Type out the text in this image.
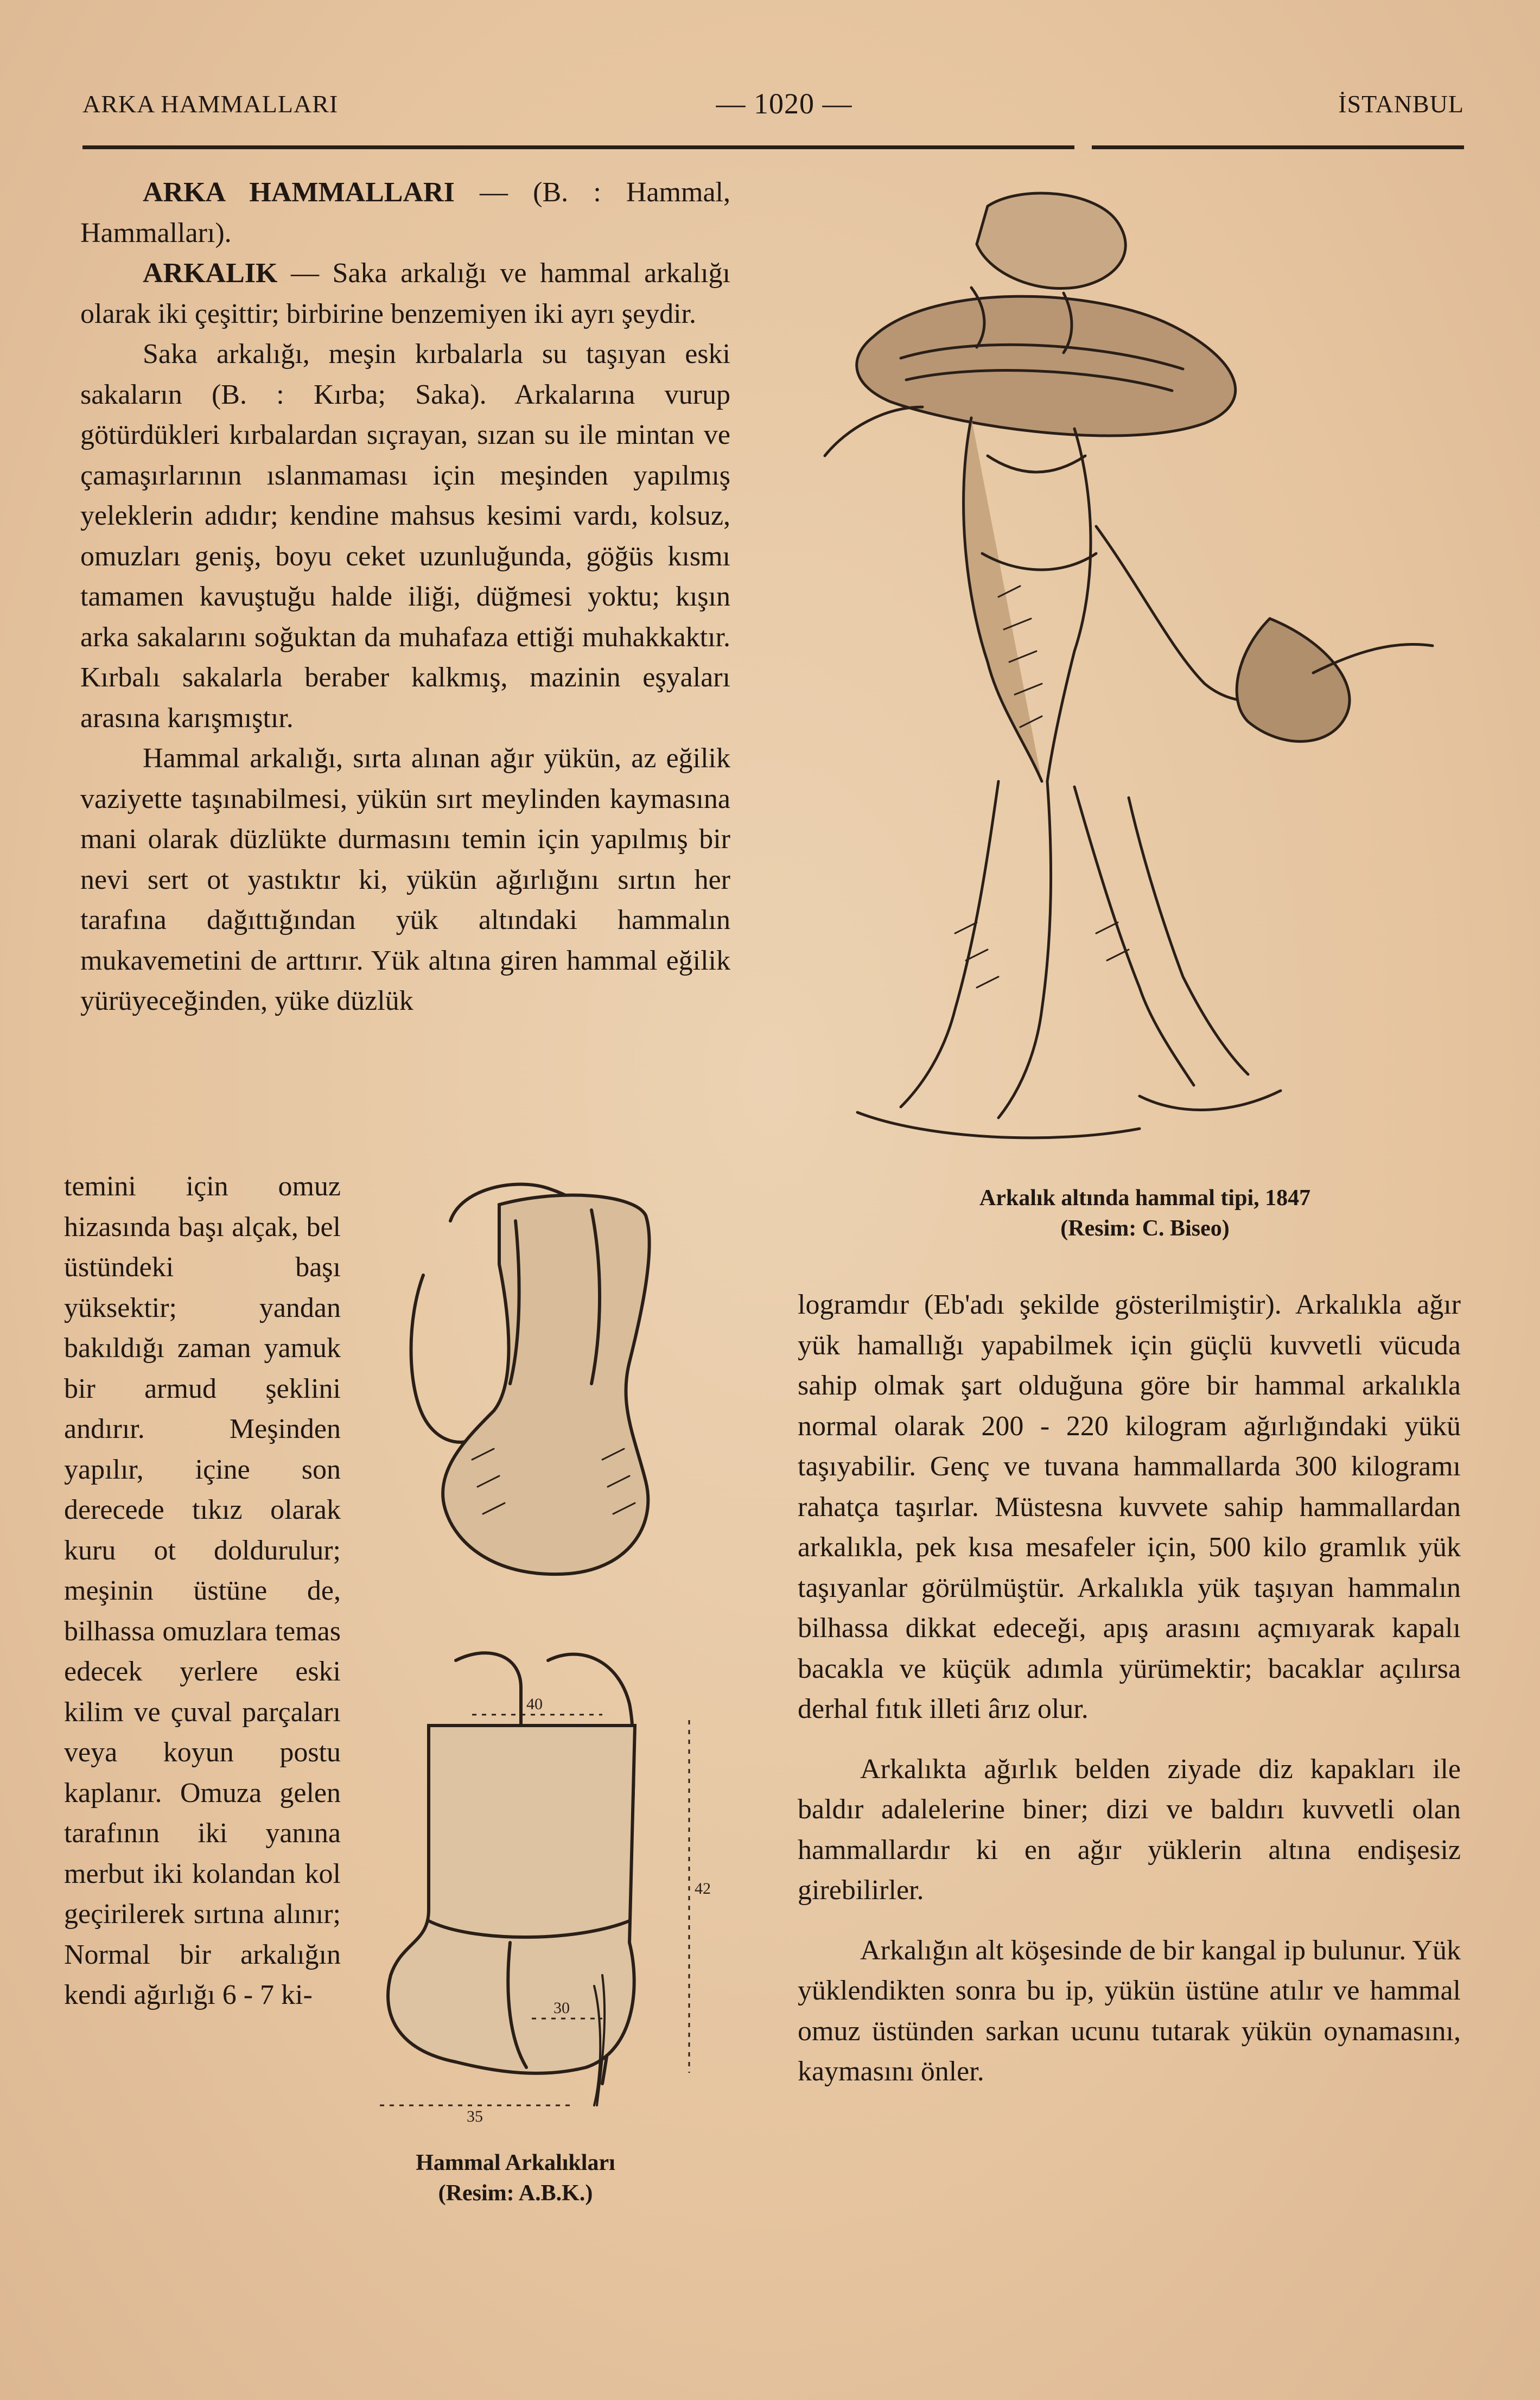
ARKA HAMMALLARI	— 1020 —	İSTANBUL

ARKA HAMMALLARI — (B. : Hammal, Hammalları).

ARKALIK — Saka arkalığı ve hammal arkalığı olarak iki çeşittir; birbirine benzemiyen iki ayrı şeydir.

Saka arkalığı, meşin kırbalarla su taşıyan eski sakaların (B. : Kırba; Saka). Arkalarına vurup götürdükleri kırbalardan sıçrayan, sızan su ile mintan ve çamaşırlarının ıslanmaması için meşinden yapılmış yeleklerin adıdır; kendine mahsus kesimi vardı, kolsuz, omuzları geniş, boyu ceket uzunluğunda, göğüs kısmı tamamen kavuştuğu halde iliği, düğmesi yoktu; kışın arka sakalarını soğuktan da muhafaza ettiği muhakkaktır. Kırbalı sakalarla beraber kalkmış, mazinin eşyaları arasına karışmıştır.

Hammal arkalığı, sırta alınan ağır yükün, az eğilik vaziyette taşınabilmesi, yükün sırt meylinden kaymasına mani olarak düzlükte durmasını temin için yapılmış bir nevi sert ot yastıktır ki, yükün ağırlığını sırtın her tarafına dağıttığından yük altındaki hammalın mukavemetini de arttırır. Yük altına giren hammal eğilik yürüyeceğinden, yüke düzlük

temini için omuz hizasında başı alçak, bel üstündeki başı yüksektir; yandan bakıldığı zaman yamuk bir armud şeklini andırır. Meşinden yapılır, içine son derecede tıkız olarak kuru ot doldurulur; meşinin üstüne de, bilhassa omuzlara temas edecek yerlere eski kilim ve çuval parçaları veya koyun postu kaplanır. Omuza gelen tarafının iki yanına merbut iki kolandan kol geçirilerek sırtına alınır; Normal bir arkalığın kendi ağırlığı 6 - 7 ki-

Arkalık altında hammal tipi, 1847
(Resim: C. Biseo)
40
42
30
35
Hammal Arkalıkları
(Resim: A.B.K.)

logramdır (Eb'adı şekilde gösterilmiştir). Arkalıkla ağır yük hamallığı yapabilmek için güçlü kuvvetli vücuda sahip olmak şart olduğuna göre bir hammal arkalıkla normal olarak 200 - 220 kilogram ağırlığındaki yükü taşıyabilir. Genç ve tuvana hammallarda 300 kilogramı rahatça taşırlar. Müstesna kuvvete sahip hammallardan arkalıkla, pek kısa mesafeler için, 500 kilo gramlık yük taşıyanlar görülmüştür. Arkalıkla yük taşıyan hammalın bilhassa dikkat edeceği, apış arasını açmıyarak kapalı bacakla ve küçük adımla yürümektir; bacaklar açılırsa derhal fıtık illeti ârız olur.

Arkalıkta ağırlık belden ziyade diz kapakları ile baldır adalelerine biner; dizi ve baldırı kuvvetli olan hammallardır ki en ağır yüklerin altına endişesiz girebilirler.

Arkalığın alt köşesinde de bir kangal ip bulunur. Yük yüklendikten sonra bu ip, yükün üstüne atılır ve hammal omuz üstünden sarkan ucunu tutarak yükün oynamasını, kaymasını önler.
